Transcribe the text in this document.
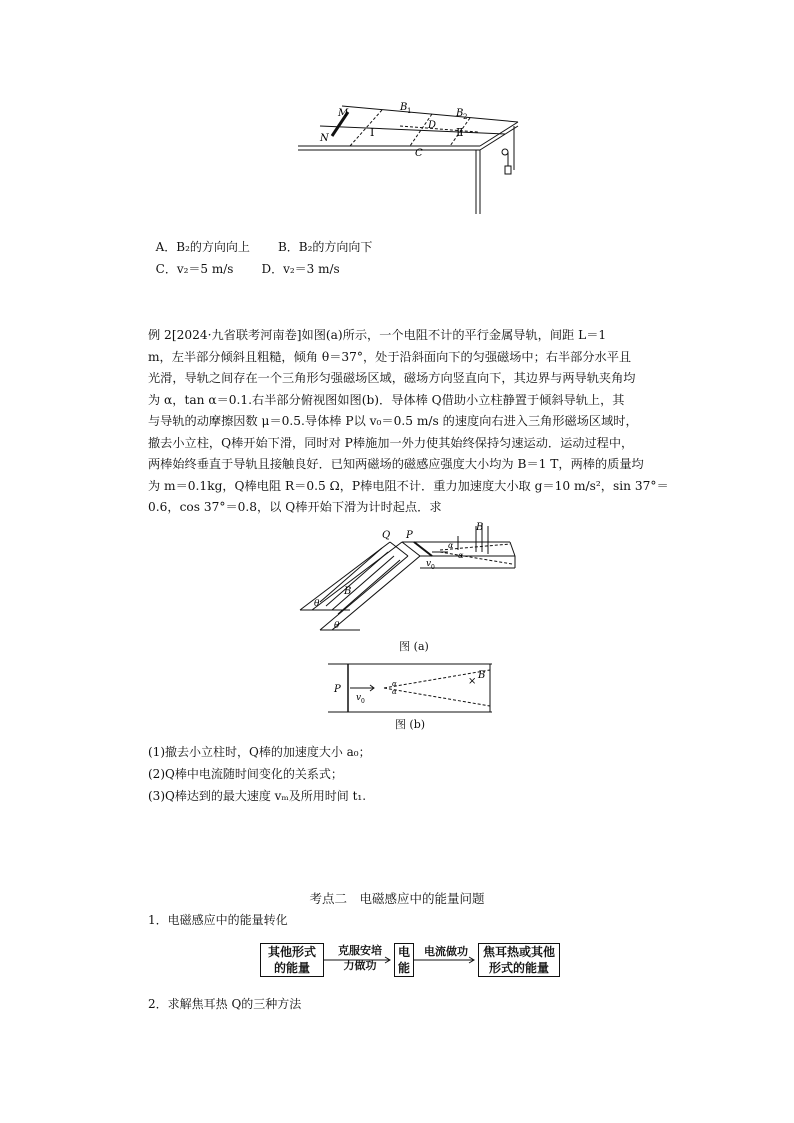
M
N
B 1	B 2
D
C
Ⅰ	Ⅱ

A．B₂的方向向上 B．B₂的方向向下

C．v₂＝5 m/s D．v₂＝3 m/s

例 2[2024·九省联考河南卷]如图(a)所示，一个电阻不计的平行金属导轨，间距 L＝1
m，左半部分倾斜且粗糙，倾角 θ＝37°，处于沿斜面向下的匀强磁场中；右半部分水平且
光滑，导轨之间存在一个三角形匀强磁场区域，磁场方向竖直向下，其边界与两导轨夹角均
为 α，tan α＝0.1.右半部分俯视图如图(b)．导体棒 Q借助小立柱静置于倾斜导轨上，其
与导轨的动摩擦因数 μ＝0.5.导体棒 P以 v₀＝0.5 m/s 的速度向右进入三角形磁场区域时，
撤去小立柱，Q棒开始下滑，同时对 P棒施加一外力使其始终保持匀速运动．运动过程中，
两棒始终垂直于导轨且接触良好．已知两磁场的磁感应强度大小均为 B＝1 T，两棒的质量均
为 m＝0.1kg，Q棒电阻 R＝0.5 Ω，P棒电阻不计．重力加速度大小取 g＝10 m/s²，sin 37°＝
0.6，cos 37°＝0.8，以 Q棒开始下滑为计时起点．求
Q P
B
B
v 0
θ
θ
α
α
图 (a)
P
v 0
α
α
×
B
图 (b)
(1)撤去小立柱时，Q棒的加速度大小 a₀；
(2)Q棒中电流随时间变化的关系式；
(3)Q棒达到的最大速度 vₘ及所用时间 t₁.
考点二　电磁感应中的能量问题
1．电磁感应中的能量转化
其他形式
的能量
克服安培
力做功
电
能
电流做功	焦耳热或其他
形式的能量
2．求解焦耳热 Q的三种方法
